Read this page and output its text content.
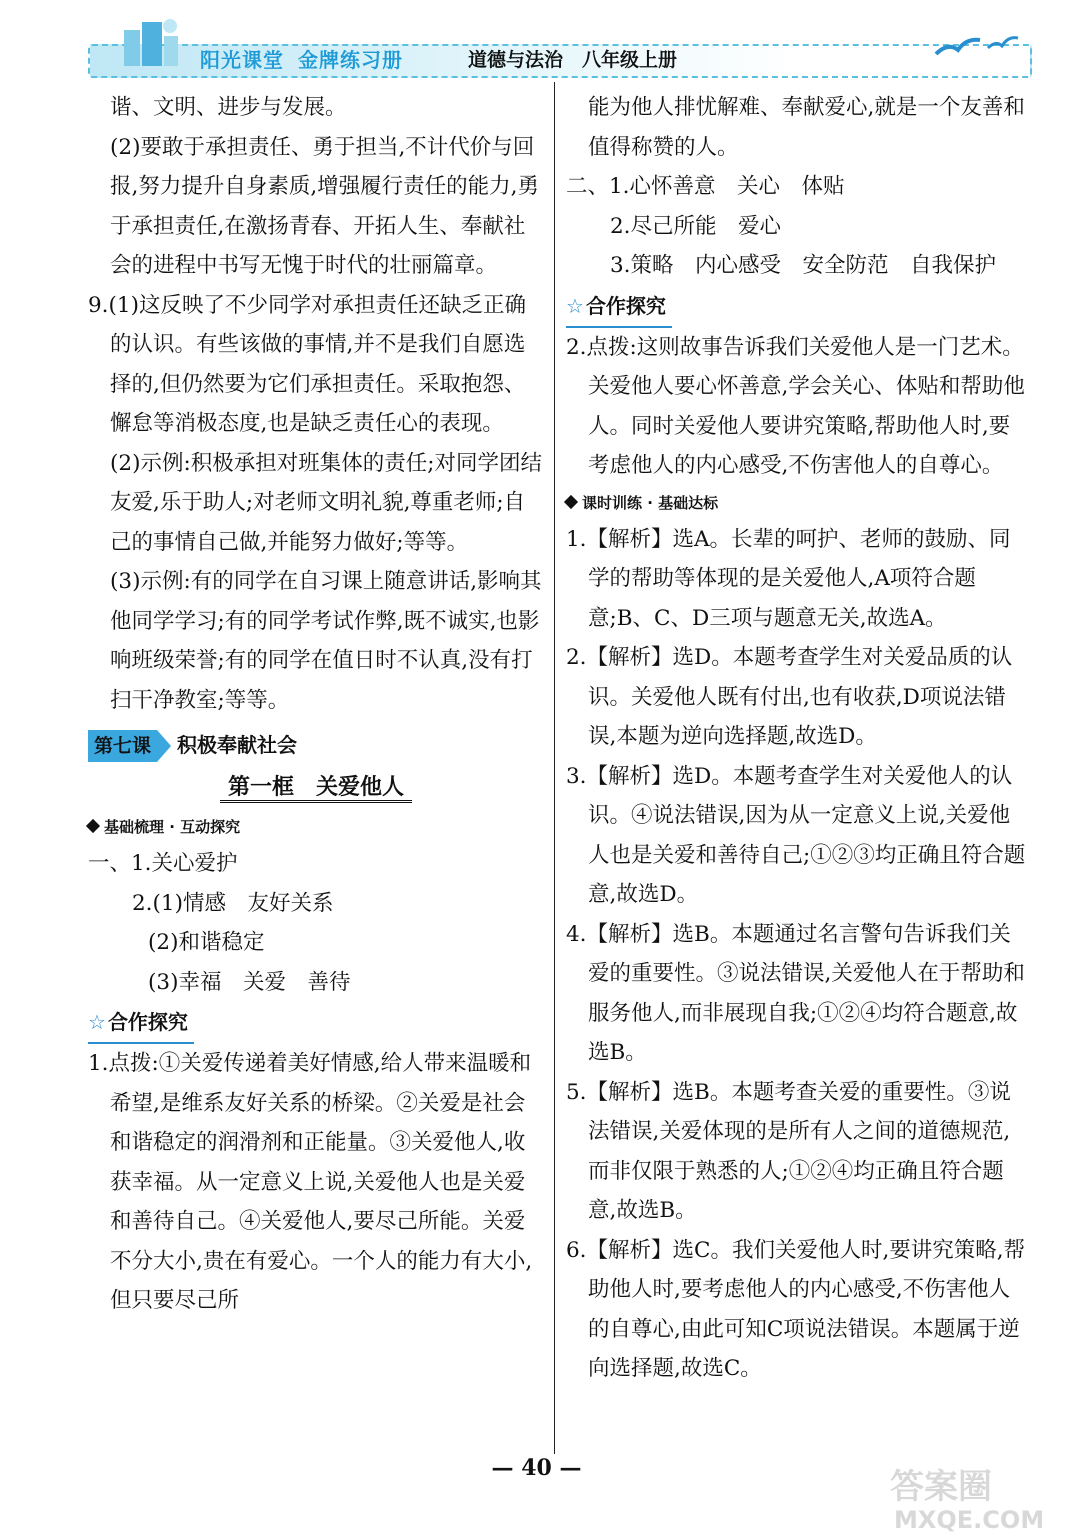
阳光课堂 金牌练习册	道德与法治　 八年级上册

谐、文明、进步与发展。

(2)要敢于承担责任、勇于担当,不计代价与回报,努力提升自身素质,增强履行责任的能力,勇于承担责任,在激扬青春、开拓人生、奉献社会的进程中书写无愧于时代的壮丽篇章。

9.(1)这反映了不少同学对承担责任还缺乏正确的认识。有些该做的事情,并不是我们自愿选择的,但仍然要为它们承担责任。采取抱怨、懈怠等消极态度,也是缺乏责任心的表现。

(2)示例:积极承担对班集体的责任;对同学团结友爱,乐于助人;对老师文明礼貌,尊重老师;自己的事情自己做,并能努力做好;等等。

(3)示例:有的同学在自习课上随意讲话,影响其他同学学习;有的同学考试作弊,既不诚实,也影响班级荣誉;有的同学在值日时不认真,没有打扫干净教室;等等。

第七课	积极奉献社会
第一框　关爱他人
基础梳理 · 互动探究

一、1.关心爱护

2.(1)情感　友好关系

(2)和谐稳定

(3)幸福　关爱　善待

☆ 合作探究

1.点拨:①关爱传递着美好情感,给人带来温暖和希望,是维系友好关系的桥梁。②关爱是社会和谐稳定的润滑剂和正能量。③关爱他人,收获幸福。从一定意义上说,关爱他人也是关爱和善待自己。④关爱他人,要尽己所能。关爱不分大小,贵在有爱心。一个人的能力有大小,但只要尽己所

能为他人排忧解难、奉献爱心,就是一个友善和值得称赞的人。

二、1.心怀善意　关心　体贴

2.尽己所能　爱心

3.策略　内心感受　安全防范　自我保护

☆ 合作探究

2.点拨:这则故事告诉我们关爱他人是一门艺术。关爱他人要心怀善意,学会关心、体贴和帮助他人。同时关爱他人要讲究策略,帮助他人时,要考虑他人的内心感受,不伤害他人的自尊心。

课时训练 · 基础达标

1.【解析】选A。长辈的呵护、老师的鼓励、同学的帮助等体现的是关爱他人,A项符合题意;B、C、D三项与题意无关,故选A。

2.【解析】选D。本题考查学生对关爱品质的认识。关爱他人既有付出,也有收获,D项说法错误,本题为逆向选择题,故选D。

3.【解析】选D。本题考查学生对关爱他人的认识。④说法错误,因为从一定意义上说,关爱他人也是关爱和善待自己;①②③均正确且符合题意,故选D。

4.【解析】选B。本题通过名言警句告诉我们关爱的重要性。③说法错误,关爱他人在于帮助和服务他人,而非展现自我;①②④均符合题意,故选B。

5.【解析】选B。本题考查关爱的重要性。③说法错误,关爱体现的是所有人之间的道德规范,而非仅限于熟悉的人;①②④均正确且符合题意,故选B。

6.【解析】选C。我们关爱他人时,要讲究策略,帮助他人时,要考虑他人的内心感受,不伤害他人的自尊心,由此可知C项说法错误。本题属于逆向选择题,故选C。

— 40 —	答案圈
MXQE.COM
